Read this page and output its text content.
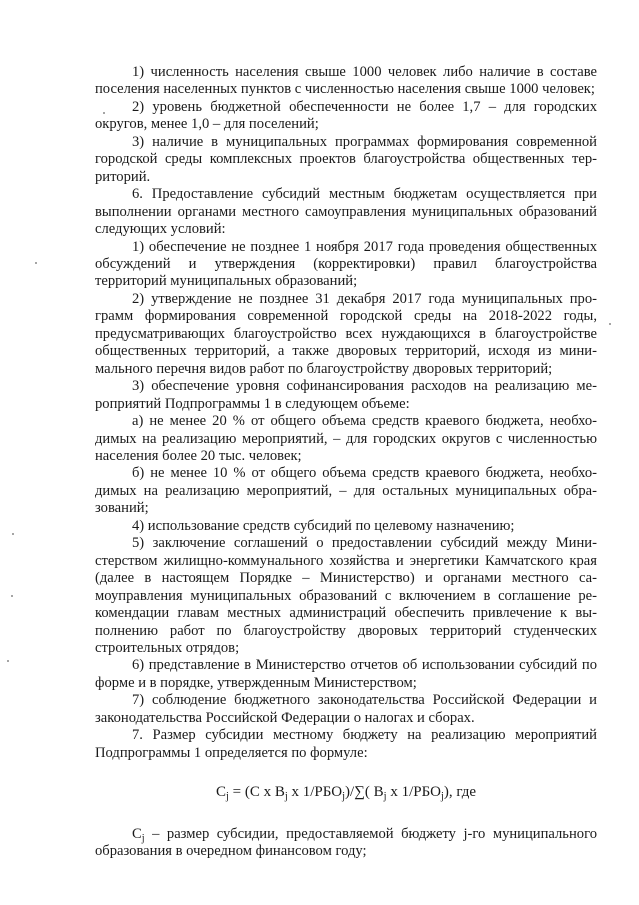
1) численность населения свыше 1000 человек либо наличие в составе поселения населенных пунктов с численностью населения свыше 1000 человек;

2) уровень бюджетной обеспеченности не более 1,7 – для городских округов, менее 1,0 – для поселений;

3) наличие в муниципальных программах формирования современной городской среды комплексных проектов благоустройства общественных территорий.

6. Предоставление субсидий местным бюджетам осуществляется при выполнении органами местного самоуправления муниципальных образований следующих условий:

1) обеспечение не позднее 1 ноября 2017 года проведения общественных обсуждений и утверждения (корректировки) правил благоустройства территорий муниципальных образований;

2) утверждение не позднее 31 декабря 2017 года муниципальных программ формирования современной городской среды на 2018-2022 годы, предусматривающих благоустройство всех нуждающихся в благоустройстве общественных территорий, а также дворовых территорий, исходя из минимального перечня видов работ по благоустройству дворовых территорий;

3) обеспечение уровня софинансирования расходов на реализацию мероприятий Подпрограммы 1 в следующем объеме:

а) не менее 20 % от общего объема средств краевого бюджета, необходимых на реализацию мероприятий, – для городских округов с численностью населения более 20 тыс. человек;

б) не менее 10 % от общего объема средств краевого бюджета, необходимых на реализацию мероприятий, – для остальных муниципальных образований;

4) использование средств субсидий по целевому назначению;

5) заключение соглашений о предоставлении субсидий между Министерством жилищно-коммунального хозяйства и энергетики Камчатского края (далее в настоящем Порядке – Министерство) и органами местного самоуправления муниципальных образований с включением в соглашение рекомендации главам местных администраций обеспечить привлечение к выполнению работ по благоустройству дворовых территорий студенческих строительных отрядов;

6) представление в Министерство отчетов об использовании субсидий по форме и в порядке, утвержденным Министерством;

7) соблюдение бюджетного законодательства Российской Федерации и законодательства Российской Федерации о налогах и сборах.

7. Размер субсидии местному бюджету на реализацию мероприятий Подпрограммы 1 определяется по формуле:

$C_j = (С$ х $В_j$ х $1/РБО_j)/\sum$( $В_j$ х $1/РБО_j$), где

$C_j$ – размер субсидии, предоставляемой бюджету j-го муниципального образования в очередном финансовом году;
